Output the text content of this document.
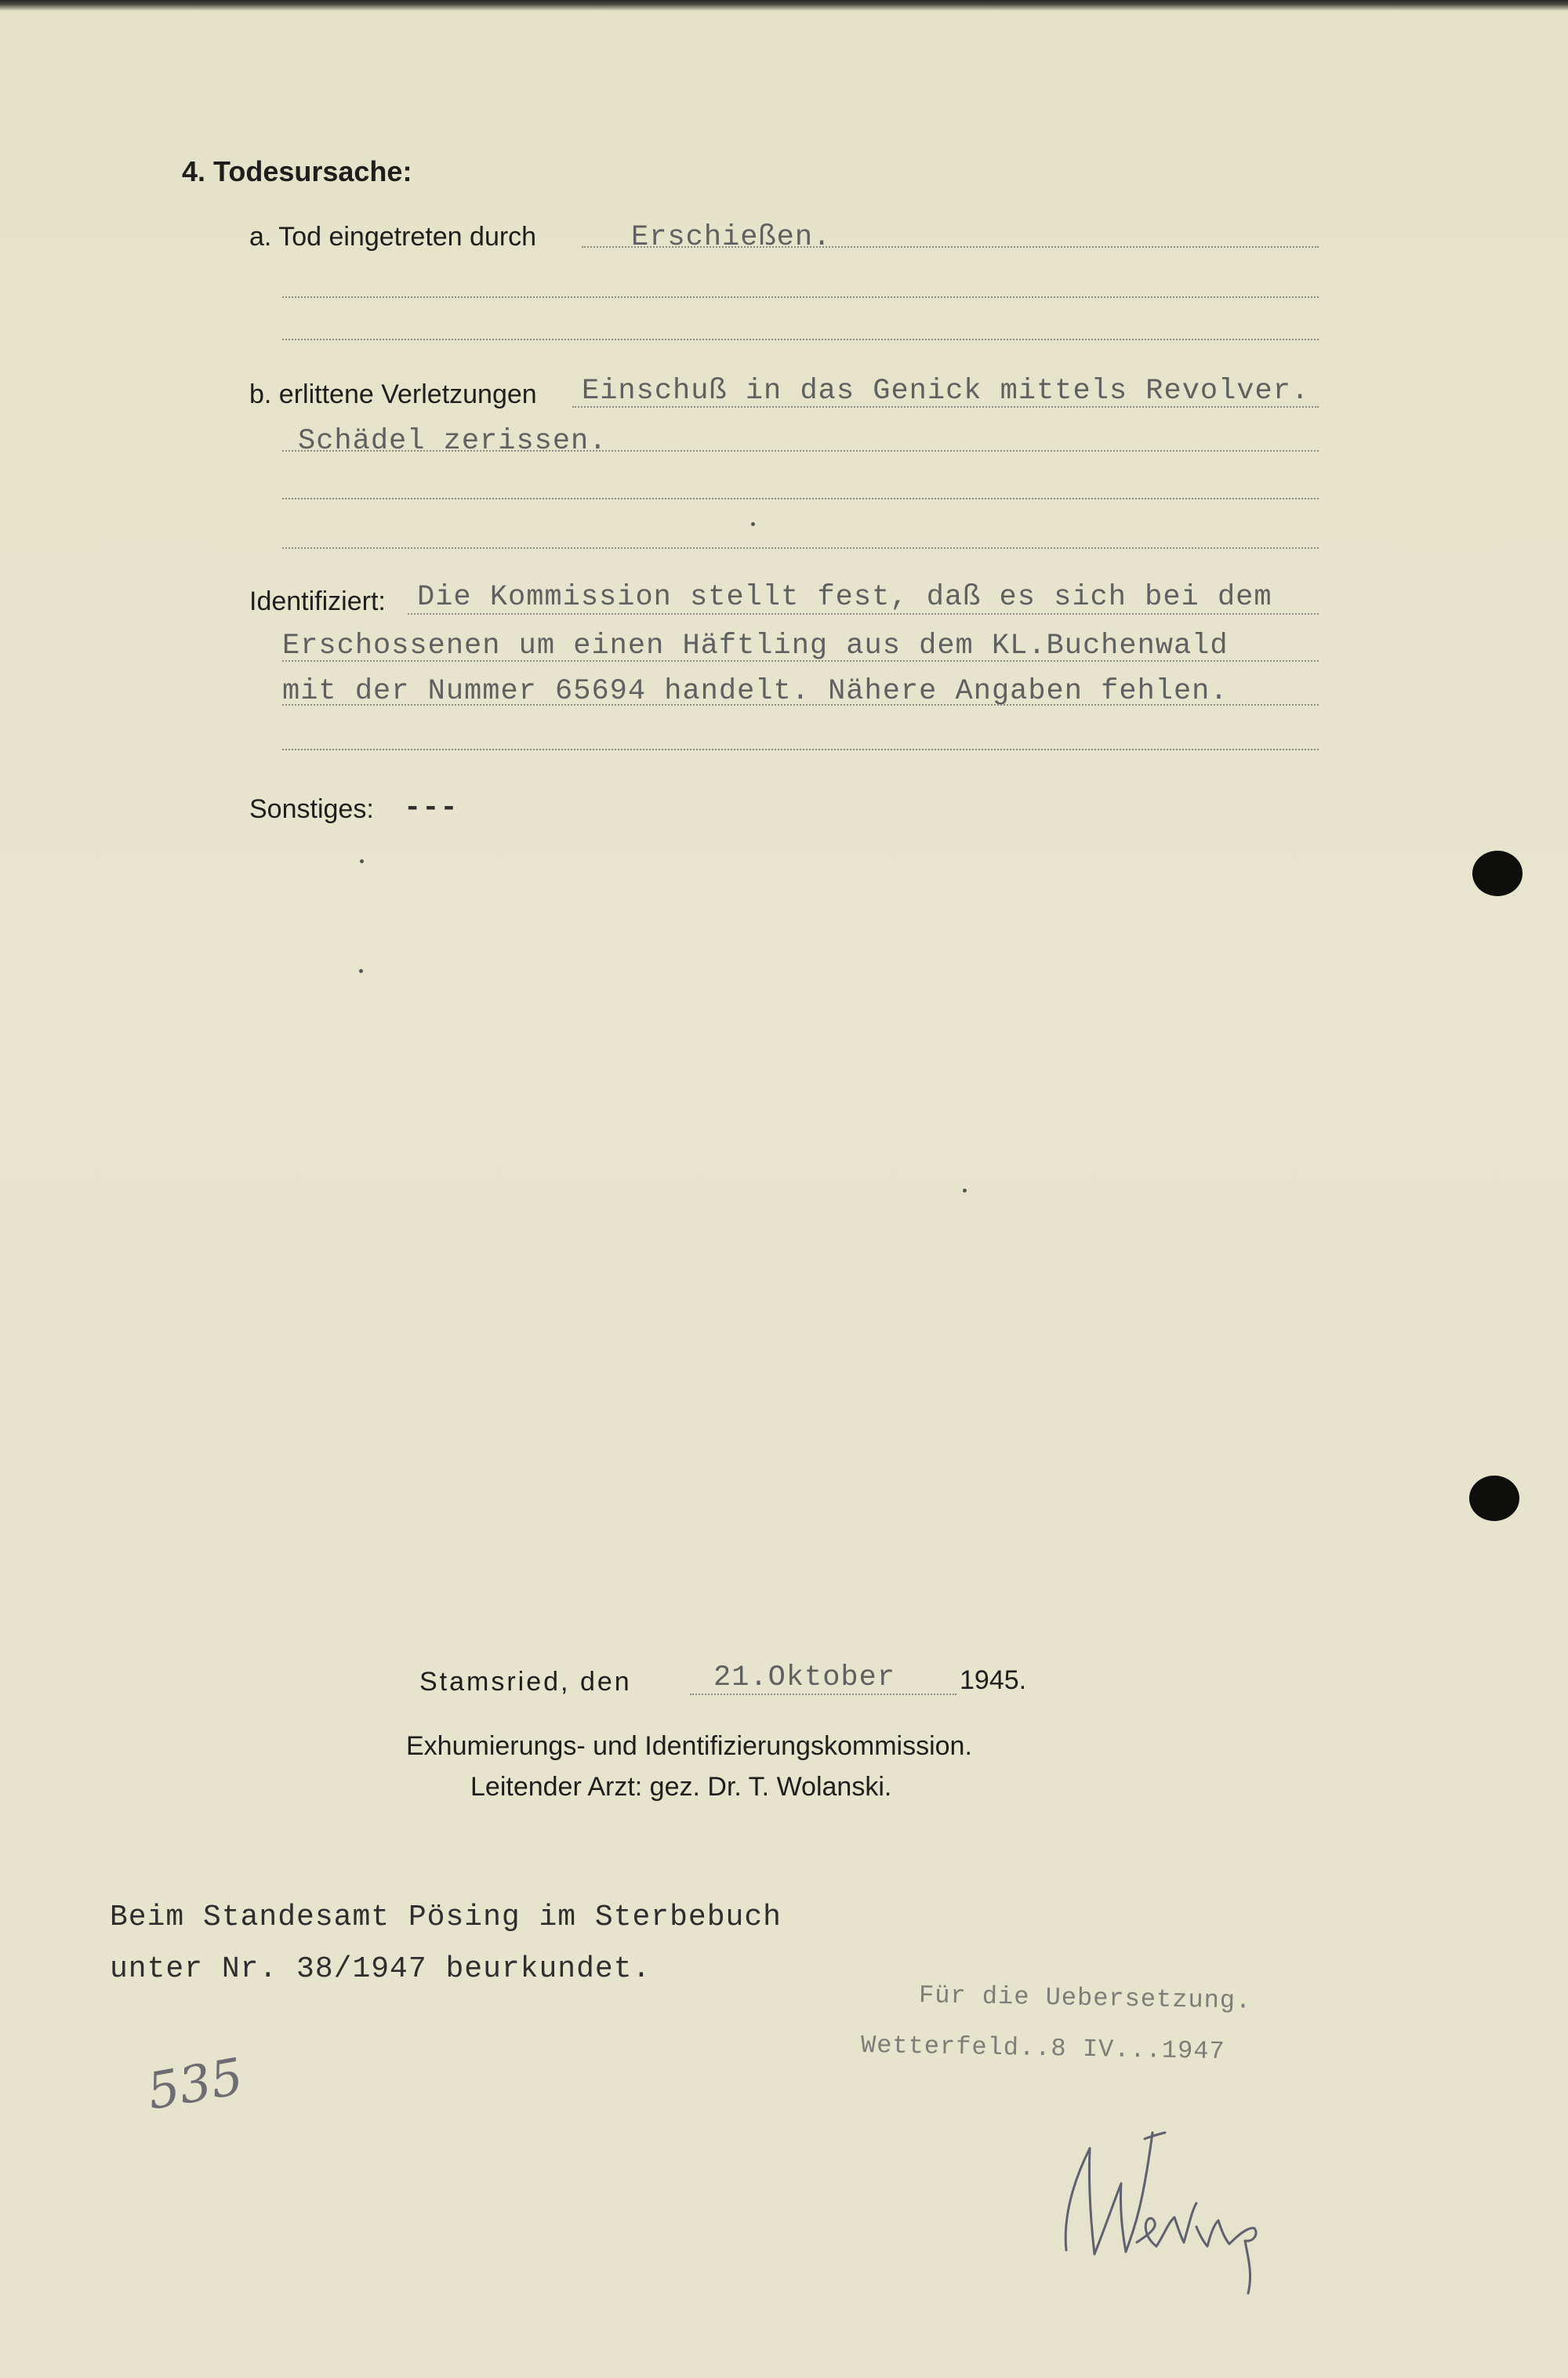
4. Todesursache:
a. Tod eingetreten durch	Erschießen.
b. erlittene Verletzungen Einschuß in das Genick mittels Revolver.
Schädel zerissen.
Identifiziert: Die Kommission stellt fest, daß es sich bei dem
Erschossenen um einen Häftling aus dem KL.Buchenwald
mit der Nummer 65694 handelt. Nähere Angaben fehlen.
Sonstiges: ---
Stamsried, den	21.Oktober 1945.
Exhumierungs- und Identifizierungskommission.
Leitender Arzt: gez. Dr. T. Wolanski.
Beim Standesamt Pösing im Sterbebuch
unter Nr. 38/1947 beurkundet.
Für die Uebersetzung.
Wetterfeld..8 IV...1947
535
